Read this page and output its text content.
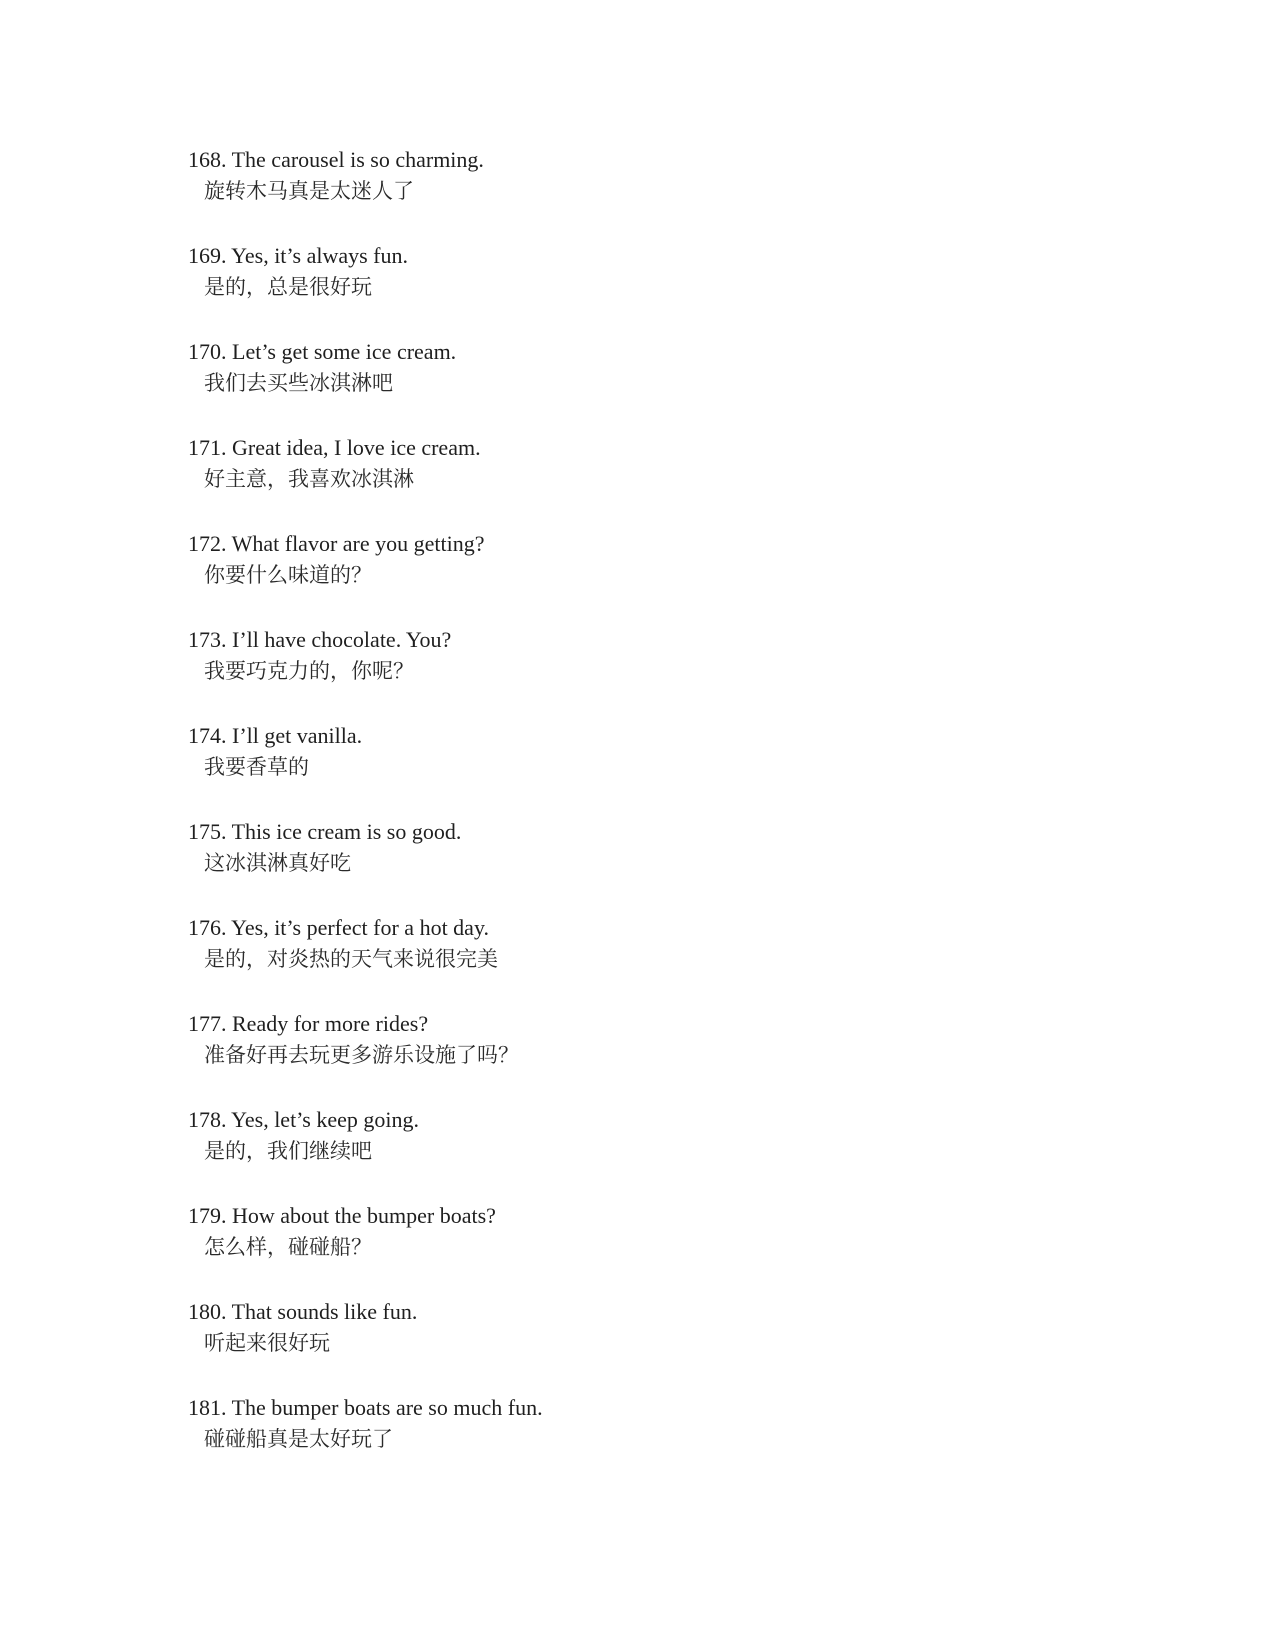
168. The carousel is so charming.
旋转木马真是太迷人了
169. Yes, it’s always fun.
是的，总是很好玩
170. Let’s get some ice cream.
我们去买些冰淇淋吧
171. Great idea, I love ice cream.
好主意，我喜欢冰淇淋
172. What flavor are you getting?
你要什么味道的？
173. I’ll have chocolate. You?
我要巧克力的，你呢？
174. I’ll get vanilla.
我要香草的
175. This ice cream is so good.
这冰淇淋真好吃
176. Yes, it’s perfect for a hot day.
是的，对炎热的天气来说很完美
177. Ready for more rides?
准备好再去玩更多游乐设施了吗？
178. Yes, let’s keep going.
是的，我们继续吧
179. How about the bumper boats?
怎么样，碰碰船？
180. That sounds like fun.
听起来很好玩
181. The bumper boats are so much fun.
碰碰船真是太好玩了
